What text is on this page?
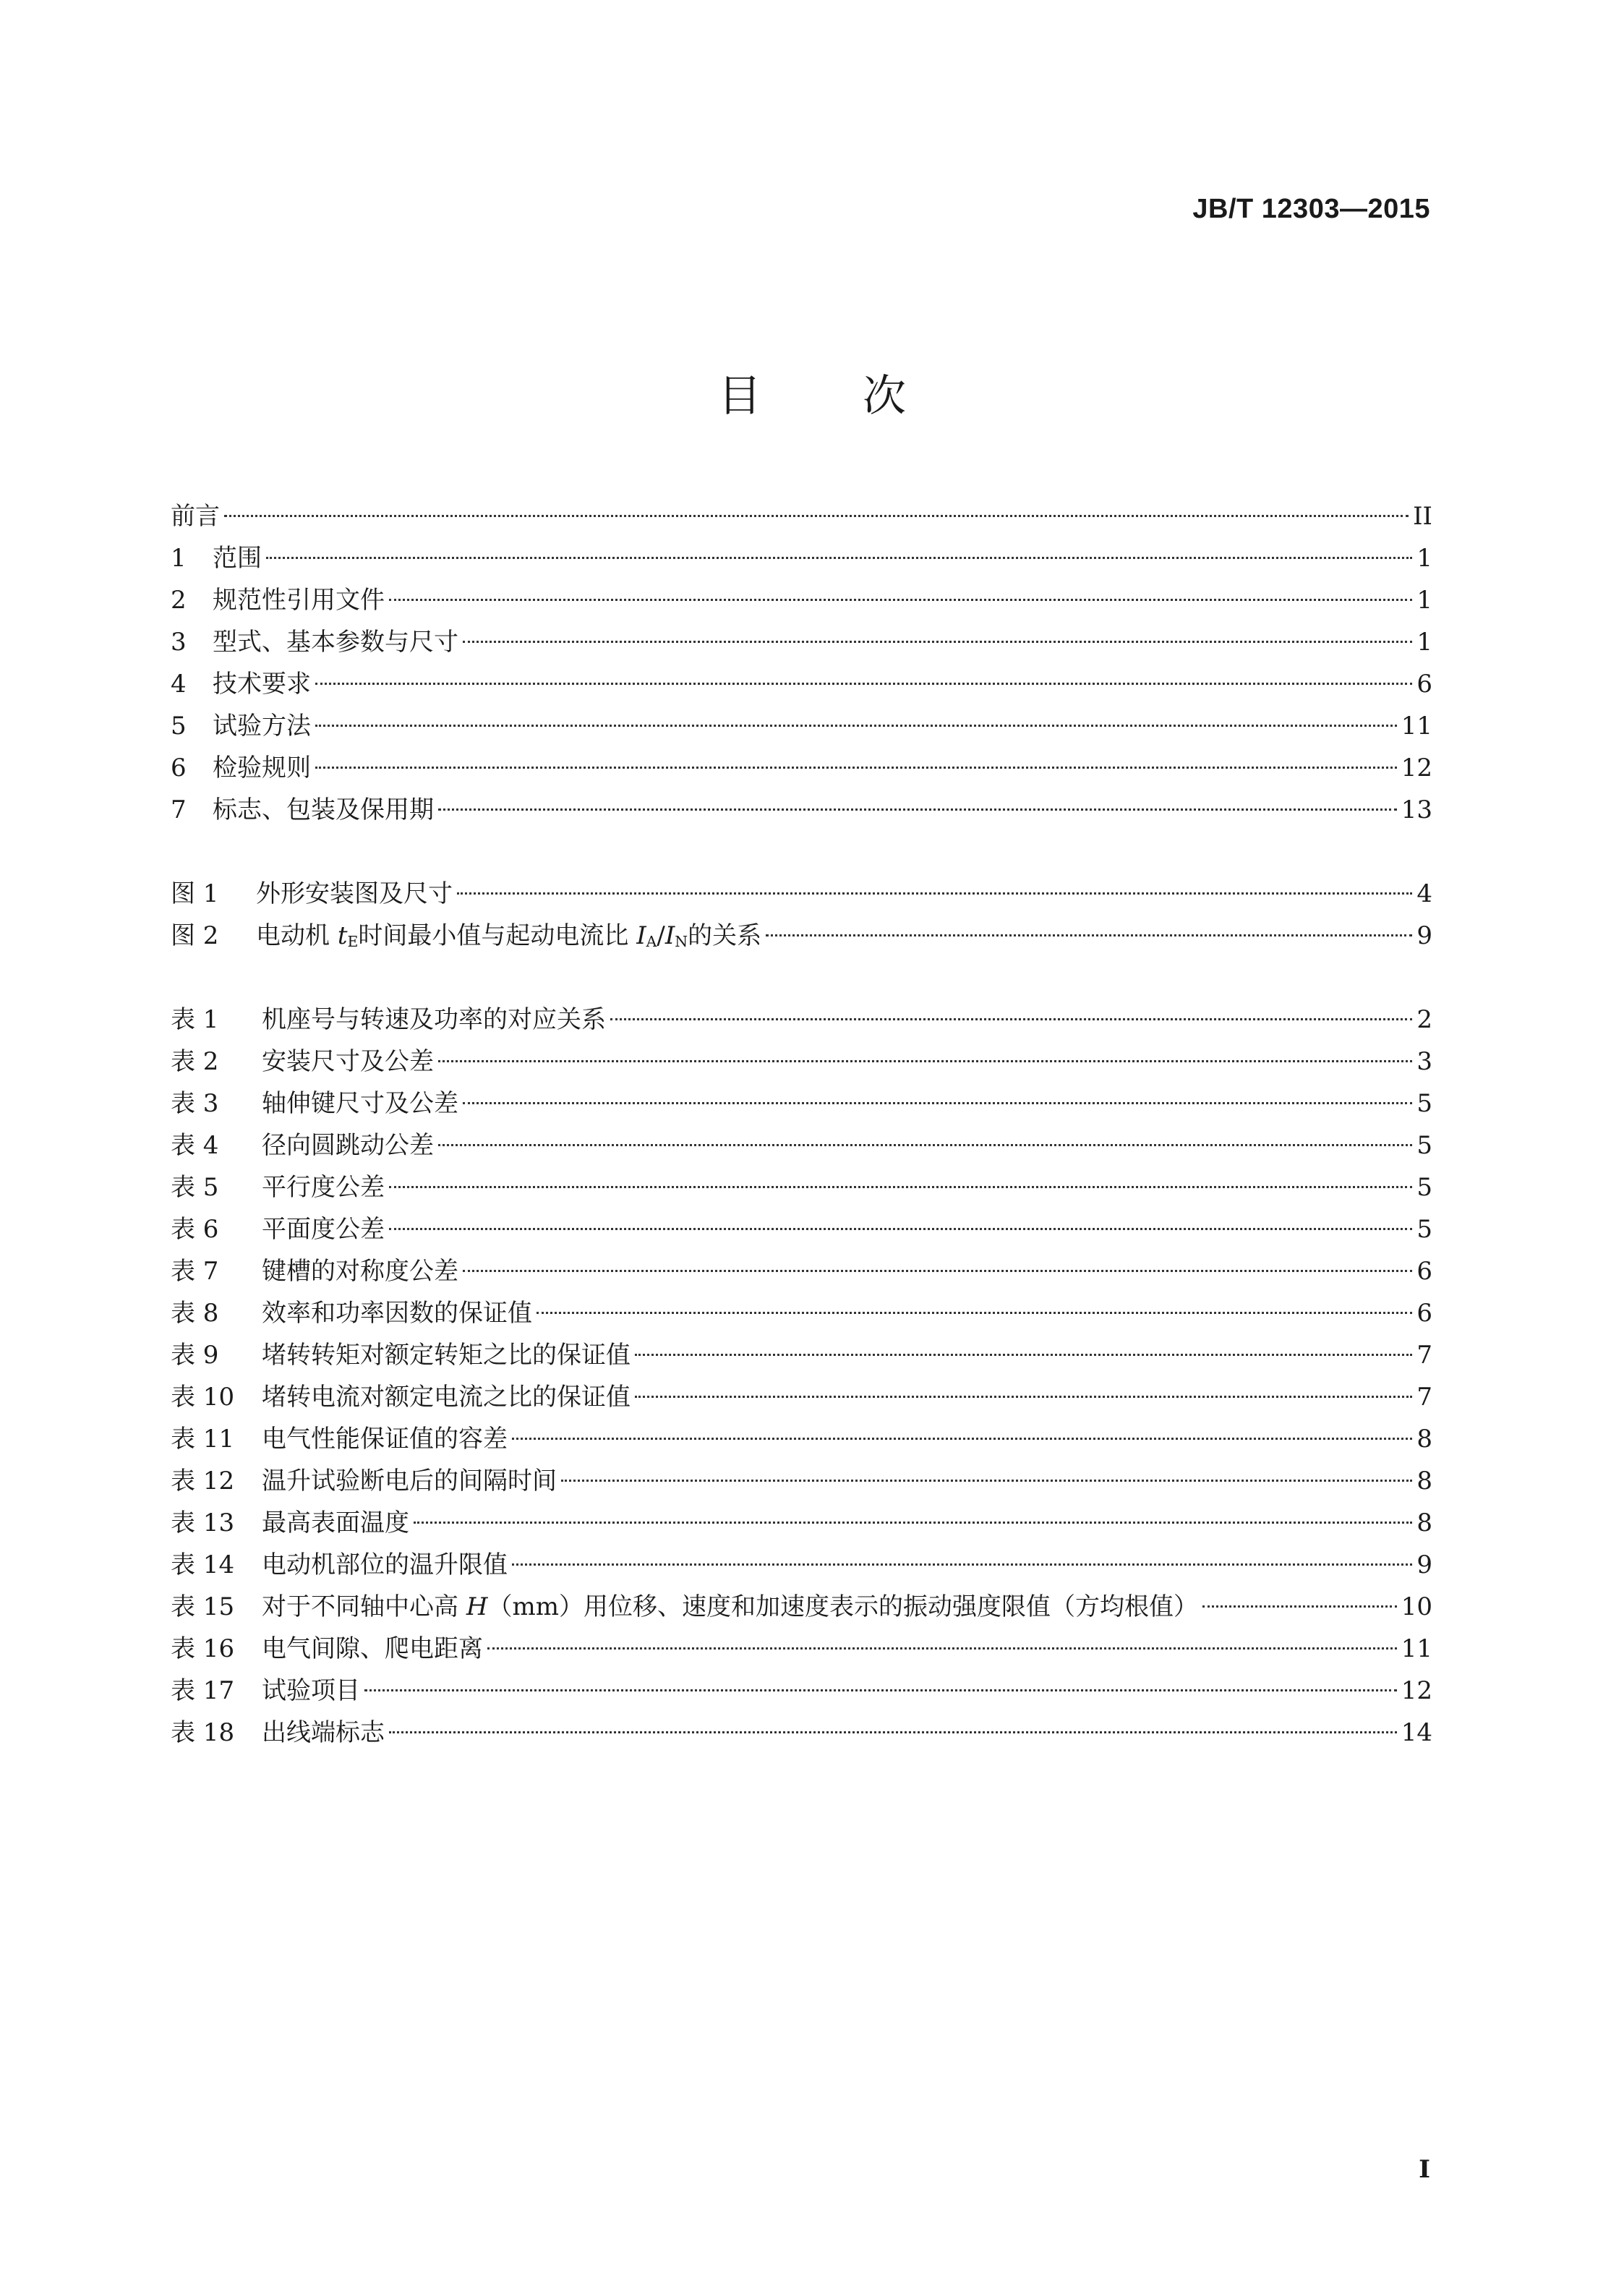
JB/T 12303—2015
目次
前言	II
1	范围	1
2	规范性引用文件	1
3	型式、基本参数与尺寸	1
4	技术要求	6
5	试验方法	11
6	检验规则	12
7	标志、包装及保用期	13
图 1	外形安装图及尺寸	4
图 2	电动机 $t_E$时间最小值与起动电流比 $I_A/I_N$的关系	9
表 1	机座号与转速及功率的对应关系	2
表 2	安装尺寸及公差	3
表 3	轴伸键尺寸及公差	5
表 4	径向圆跳动公差	5
表 5	平行度公差	5
表 6	平面度公差	5
表 7	键槽的对称度公差	6
表 8	效率和功率因数的保证值	6
表 9	堵转转矩对额定转矩之比的保证值	7
表 10	堵转电流对额定电流之比的保证值	7
表 11	电气性能保证值的容差	8
表 12	温升试验断电后的间隔时间	8
表 13	最高表面温度	8
表 14	电动机部位的温升限值	9
表 15	对于不同轴中心高 H（mm）用位移、速度和加速度表示的振动强度限值（方均根值）	10
表 16	电气间隙、爬电距离	11
表 17	试验项目	12
表 18	出线端标志	14
I
